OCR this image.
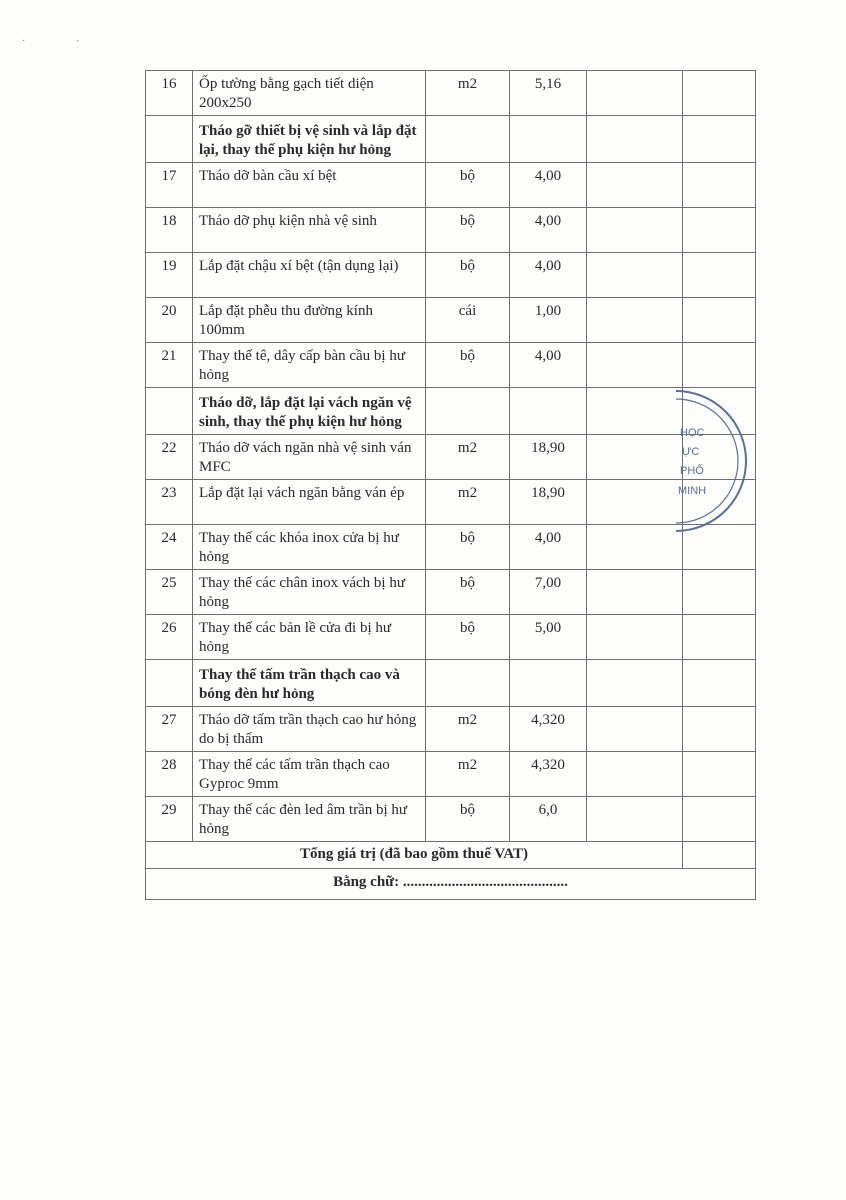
· ·
16	Ốp tường bằng gạch tiết diện 200x250	m2	5,16		
	Tháo gỡ thiết bị vệ sinh và lắp đặt lại, thay thế phụ kiện hư hỏng				
17	Tháo dỡ bàn cầu xí bệt	bộ	4,00		
18	Tháo dỡ phụ kiện nhà vệ sinh	bộ	4,00		
19	Lắp đặt chậu xí bệt (tận dụng lại)	bộ	4,00		
20	Lắp đặt phễu thu đường kính 100mm	cái	1,00		
21	Thay thế tê, dây cấp bàn cầu bị hư hỏng	bộ	4,00		
	Tháo dỡ, lắp đặt lại vách ngăn vệ sinh, thay thế phụ kiện hư hỏng				
22	Tháo dỡ vách ngăn nhà vệ sinh ván MFC	m2	18,90		
23	Lắp đặt lại vách ngăn bằng ván ép	m2	18,90		
24	Thay thế các khóa inox cửa bị hư hỏng	bộ	4,00		
25	Thay thế các chân inox vách bị hư hỏng	bộ	7,00		
26	Thay thế các bản lề cửa đi bị hư hỏng	bộ	5,00		
	Thay thế tấm trần thạch cao và bóng đèn hư hỏng				
27	Tháo dỡ tấm trần thạch cao hư hỏng do bị thấm	m2	4,320		
28	Thay thế các tấm trần thạch cao Gyproc 9mm	m2	4,320		
29	Thay thế các đèn led âm trần bị hư hỏng	bộ	6,0		
Tổng giá trị (đã bao gồm thuế VAT)					
Bằng chữ: ............................................					
HỌC
ỰC
PHỐ
MINH
